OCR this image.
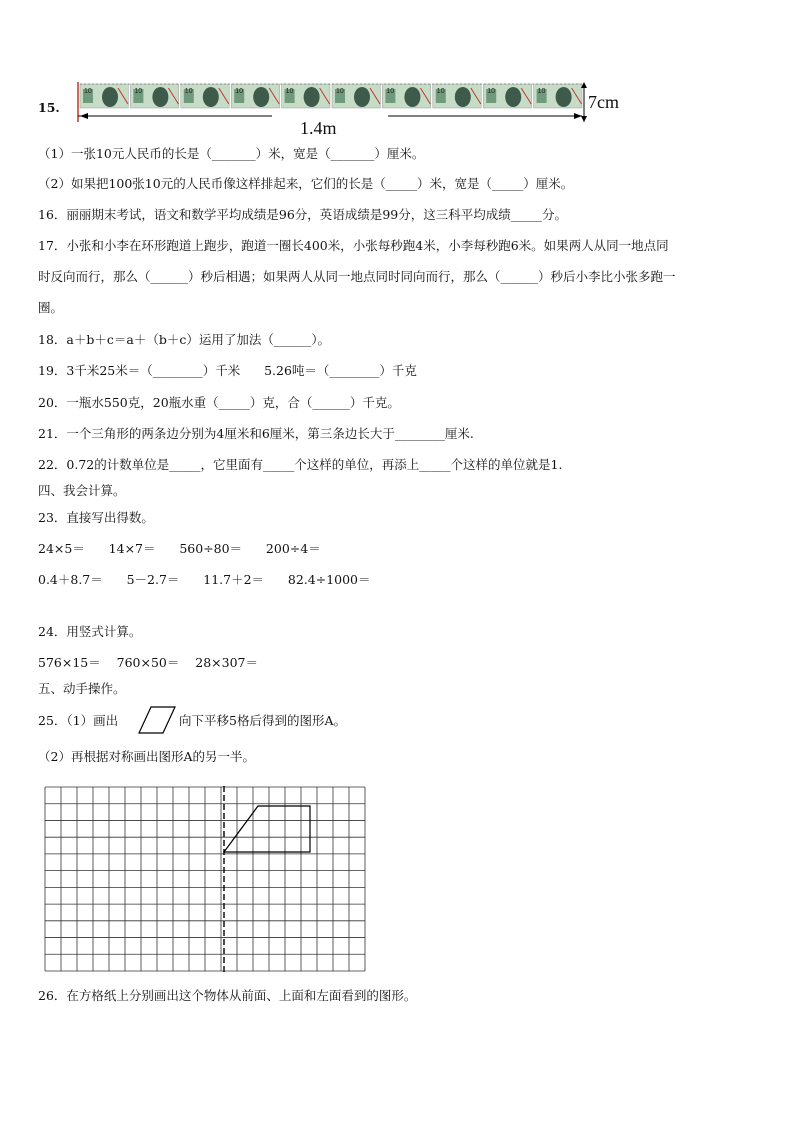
15.
10	10	10	10	10	10	10	10	10	10
7cm
1.4m
（1）一张10元人民币的长是（_______）米，宽是（_______）厘米。
（2）如果把100张10元的人民币像这样排起来，它们的长是（_____）米，宽是（_____）厘米。
16．丽丽期末考试，语文和数学平均成绩是96分，英语成绩是99分，这三科平均成绩_____分。
17．小张和小李在环形跑道上跑步，跑道一圈长400米，小张每秒跑4米，小李每秒跑6米。如果两人从同一地点同
时反向而行，那么（______）秒后相遇；如果两人从同一地点同时同向而行，那么（______）秒后小李比小张多跑一
圈。
18．a＋b＋c＝a＋（b＋c）运用了加法（______）。
19．3千米25米＝（________）千米      5.26吨＝（________）千克
20．一瓶水550克，20瓶水重（_____）克，合（______）千克。
21．一个三角形的两条边分别为4厘米和6厘米，第三条边长大于________厘米.
22．0.72的计数单位是_____，它里面有_____个这样的单位，再添上_____个这样的单位就是1.
四、我会计算。
23．直接写出得数。
24×5＝      14×7＝      560÷80＝      200÷4＝
0.4＋8.7＝      5－2.7＝      11.7＋2＝      82.4÷1000＝
24．用竖式计算。
576×15＝    760×50＝    28×307＝
五、动手操作。
25．（1）画出	向下平移5格后得到的图形A。
（2）再根据对称画出图形A的另一半。
26．在方格纸上分别画出这个物体从前面、上面和左面看到的图形。
